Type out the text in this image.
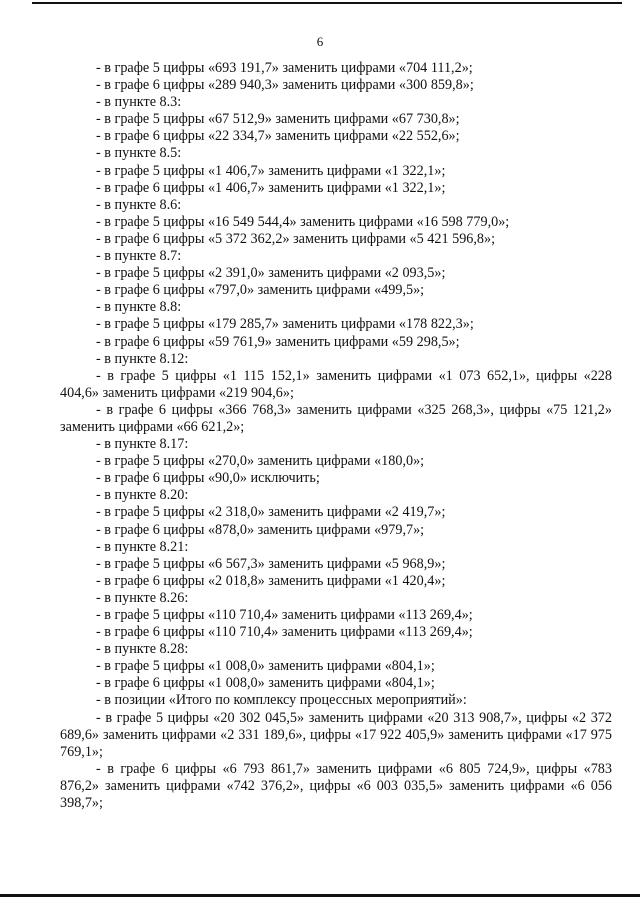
6
- в графе 5 цифры «693 191,7» заменить цифрами «704 111,2»;
- в графе 6 цифры «289 940,3» заменить цифрами «300 859,8»;
- в пункте 8.3:
- в графе 5 цифры «67 512,9» заменить цифрами «67 730,8»;
- в графе 6 цифры «22 334,7» заменить цифрами «22 552,6»;
- в пункте 8.5:
- в графе 5 цифры «1 406,7» заменить цифрами «1 322,1»;
- в графе 6 цифры «1 406,7» заменить цифрами «1 322,1»;
- в пункте 8.6:
- в графе 5 цифры «16 549 544,4» заменить цифрами «16 598 779,0»;
- в графе 6 цифры «5 372 362,2» заменить цифрами «5 421 596,8»;
- в пункте 8.7:
- в графе 5 цифры «2 391,0» заменить цифрами «2 093,5»;
- в графе 6 цифры «797,0» заменить цифрами «499,5»;
- в пункте 8.8:
- в графе 5 цифры «179 285,7» заменить цифрами «178 822,3»;
- в графе 6 цифры «59 761,9» заменить цифрами «59 298,5»;
- в пункте 8.12:
- в графе 5 цифры «1 115 152,1» заменить цифрами «1 073 652,1», цифры «228 404,6» заменить цифрами «219 904,6»;
- в графе 6 цифры «366 768,3» заменить цифрами «325 268,3», цифры «75 121,2» заменить цифрами «66 621,2»;
- в пункте 8.17:
- в графе 5 цифры «270,0» заменить цифрами «180,0»;
- в графе 6 цифры «90,0» исключить;
- в пункте 8.20:
- в графе 5 цифры «2 318,0» заменить цифрами «2 419,7»;
- в графе 6 цифры «878,0» заменить цифрами «979,7»;
- в пункте 8.21:
- в графе 5 цифры «6 567,3» заменить цифрами «5 968,9»;
- в графе 6 цифры «2 018,8» заменить цифрами «1 420,4»;
- в пункте 8.26:
- в графе 5 цифры «110 710,4» заменить цифрами «113 269,4»;
- в графе 6 цифры «110 710,4» заменить цифрами «113 269,4»;
- в пункте 8.28:
- в графе 5 цифры «1 008,0» заменить цифрами «804,1»;
- в графе 6 цифры «1 008,0» заменить цифрами «804,1»;
- в позиции «Итого по комплексу процессных мероприятий»:
- в графе 5 цифры «20 302 045,5» заменить цифрами «20 313 908,7», цифры «2 372 689,6» заменить цифрами «2 331 189,6», цифры «17 922 405,9» заменить цифрами «17 975 769,1»;
- в графе 6 цифры «6 793 861,7» заменить цифрами «6 805 724,9», цифры «783 876,2» заменить цифрами «742 376,2», цифры «6 003 035,5» заменить цифрами «6 056 398,7»;
